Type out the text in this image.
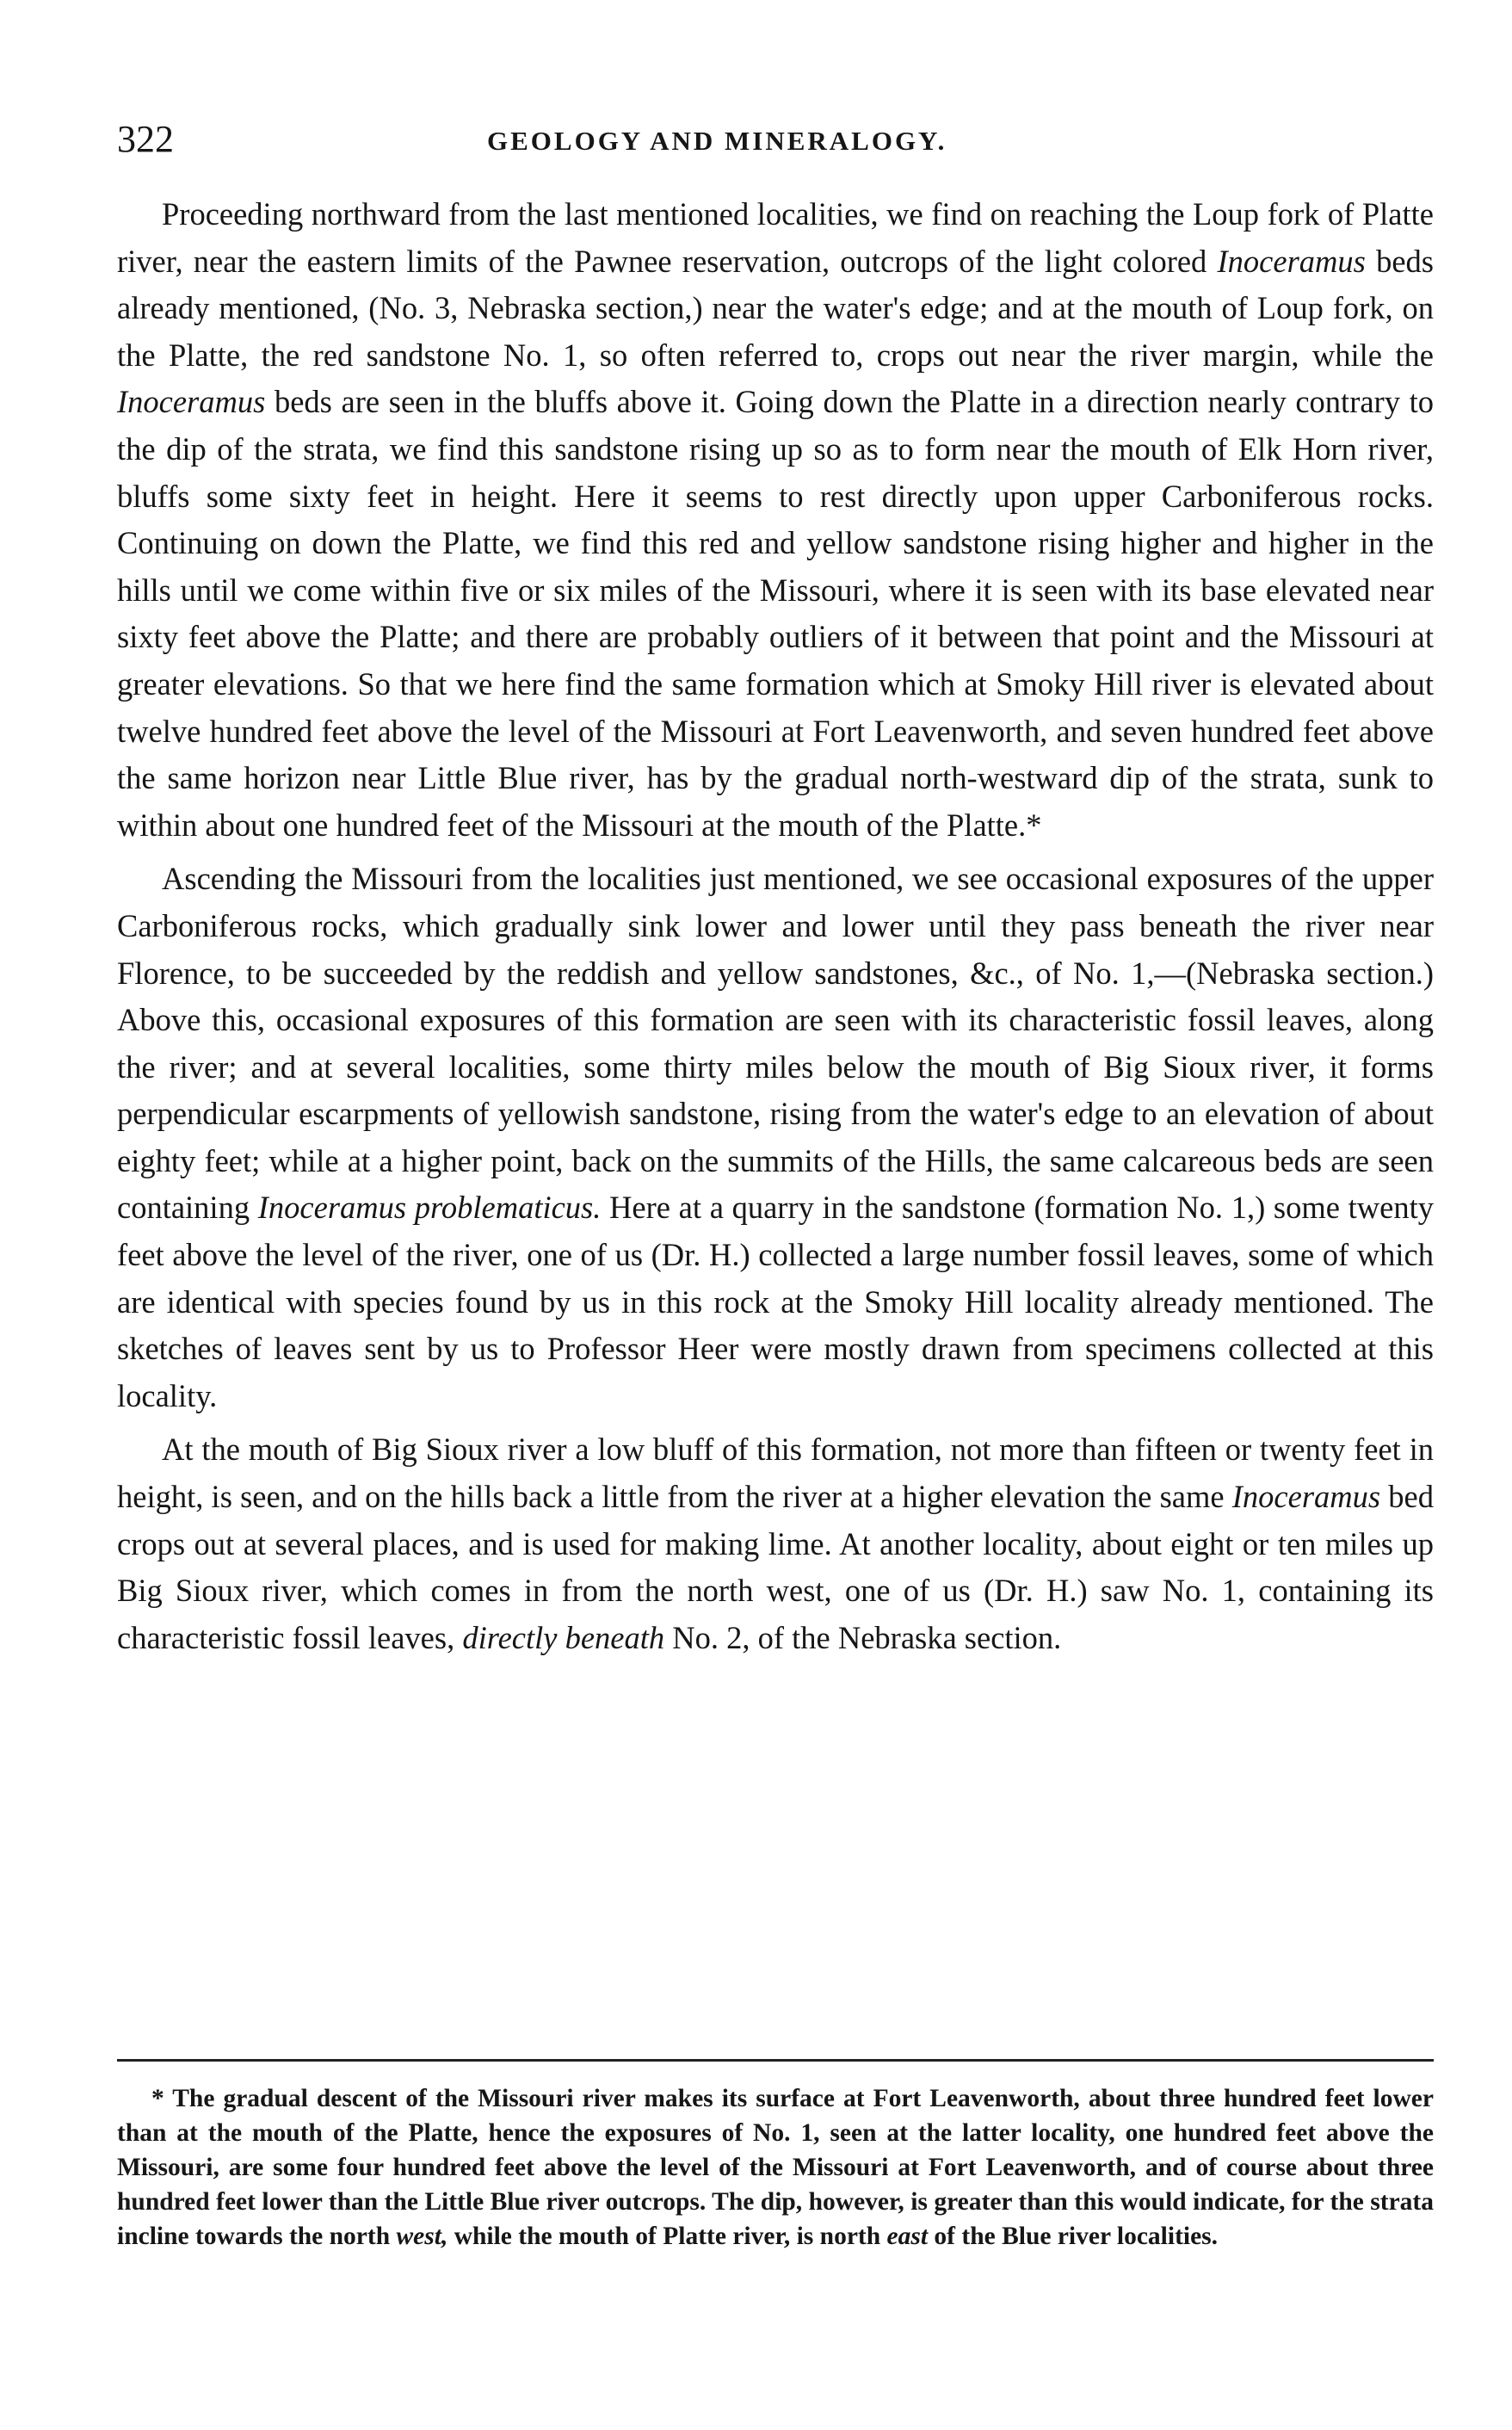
322	GEOLOGY AND MINERALOGY.

Proceeding northward from the last mentioned localities, we find on reaching the Loup fork of Platte river, near the eastern limits of the Pawnee reservation, outcrops of the light colored Inoceramus beds already mentioned, (No. 3, Nebraska section,) near the water's edge; and at the mouth of Loup fork, on the Platte, the red sandstone No. 1, so often referred to, crops out near the river margin, while the Inoceramus beds are seen in the bluffs above it. Going down the Platte in a direction nearly contrary to the dip of the strata, we find this sandstone rising up so as to form near the mouth of Elk Horn river, bluffs some sixty feet in height. Here it seems to rest directly upon upper Carboniferous rocks. Continuing on down the Platte, we find this red and yellow sandstone rising higher and higher in the hills until we come within five or six miles of the Missouri, where it is seen with its base elevated near sixty feet above the Platte; and there are probably outliers of it between that point and the Missouri at greater elevations. So that we here find the same formation which at Smoky Hill river is elevated about twelve hundred feet above the level of the Missouri at Fort Leavenworth, and seven hundred feet above the same horizon near Little Blue river, has by the gradual north-westward dip of the strata, sunk to within about one hundred feet of the Missouri at the mouth of the Platte.*

Ascending the Missouri from the localities just mentioned, we see occasional exposures of the upper Carboniferous rocks, which gradually sink lower and lower until they pass beneath the river near Florence, to be succeeded by the reddish and yellow sandstones, &c., of No. 1,—(Nebraska section.) Above this, occasional exposures of this formation are seen with its characteristic fossil leaves, along the river; and at several localities, some thirty miles below the mouth of Big Sioux river, it forms perpendicular escarpments of yellowish sandstone, rising from the water's edge to an elevation of about eighty feet; while at a higher point, back on the summits of the Hills, the same calcareous beds are seen containing Inoceramus problematicus. Here at a quarry in the sandstone (formation No. 1,) some twenty feet above the level of the river, one of us (Dr. H.) collected a large number fossil leaves, some of which are identical with species found by us in this rock at the Smoky Hill locality already mentioned. The sketches of leaves sent by us to Professor Heer were mostly drawn from specimens collected at this locality.

At the mouth of Big Sioux river a low bluff of this formation, not more than fifteen or twenty feet in height, is seen, and on the hills back a little from the river at a higher elevation the same Inoceramus bed crops out at several places, and is used for making lime. At another locality, about eight or ten miles up Big Sioux river, which comes in from the north west, one of us (Dr. H.) saw No. 1, containing its characteristic fossil leaves, directly beneath No. 2, of the Nebraska section.

* The gradual descent of the Missouri river makes its surface at Fort Leavenworth, about three hundred feet lower than at the mouth of the Platte, hence the exposures of No. 1, seen at the latter locality, one hundred feet above the Missouri, are some four hundred feet above the level of the Missouri at Fort Leavenworth, and of course about three hundred feet lower than the Little Blue river outcrops. The dip, however, is greater than this would indicate, for the strata incline towards the north west, while the mouth of Platte river, is north east of the Blue river localities.
